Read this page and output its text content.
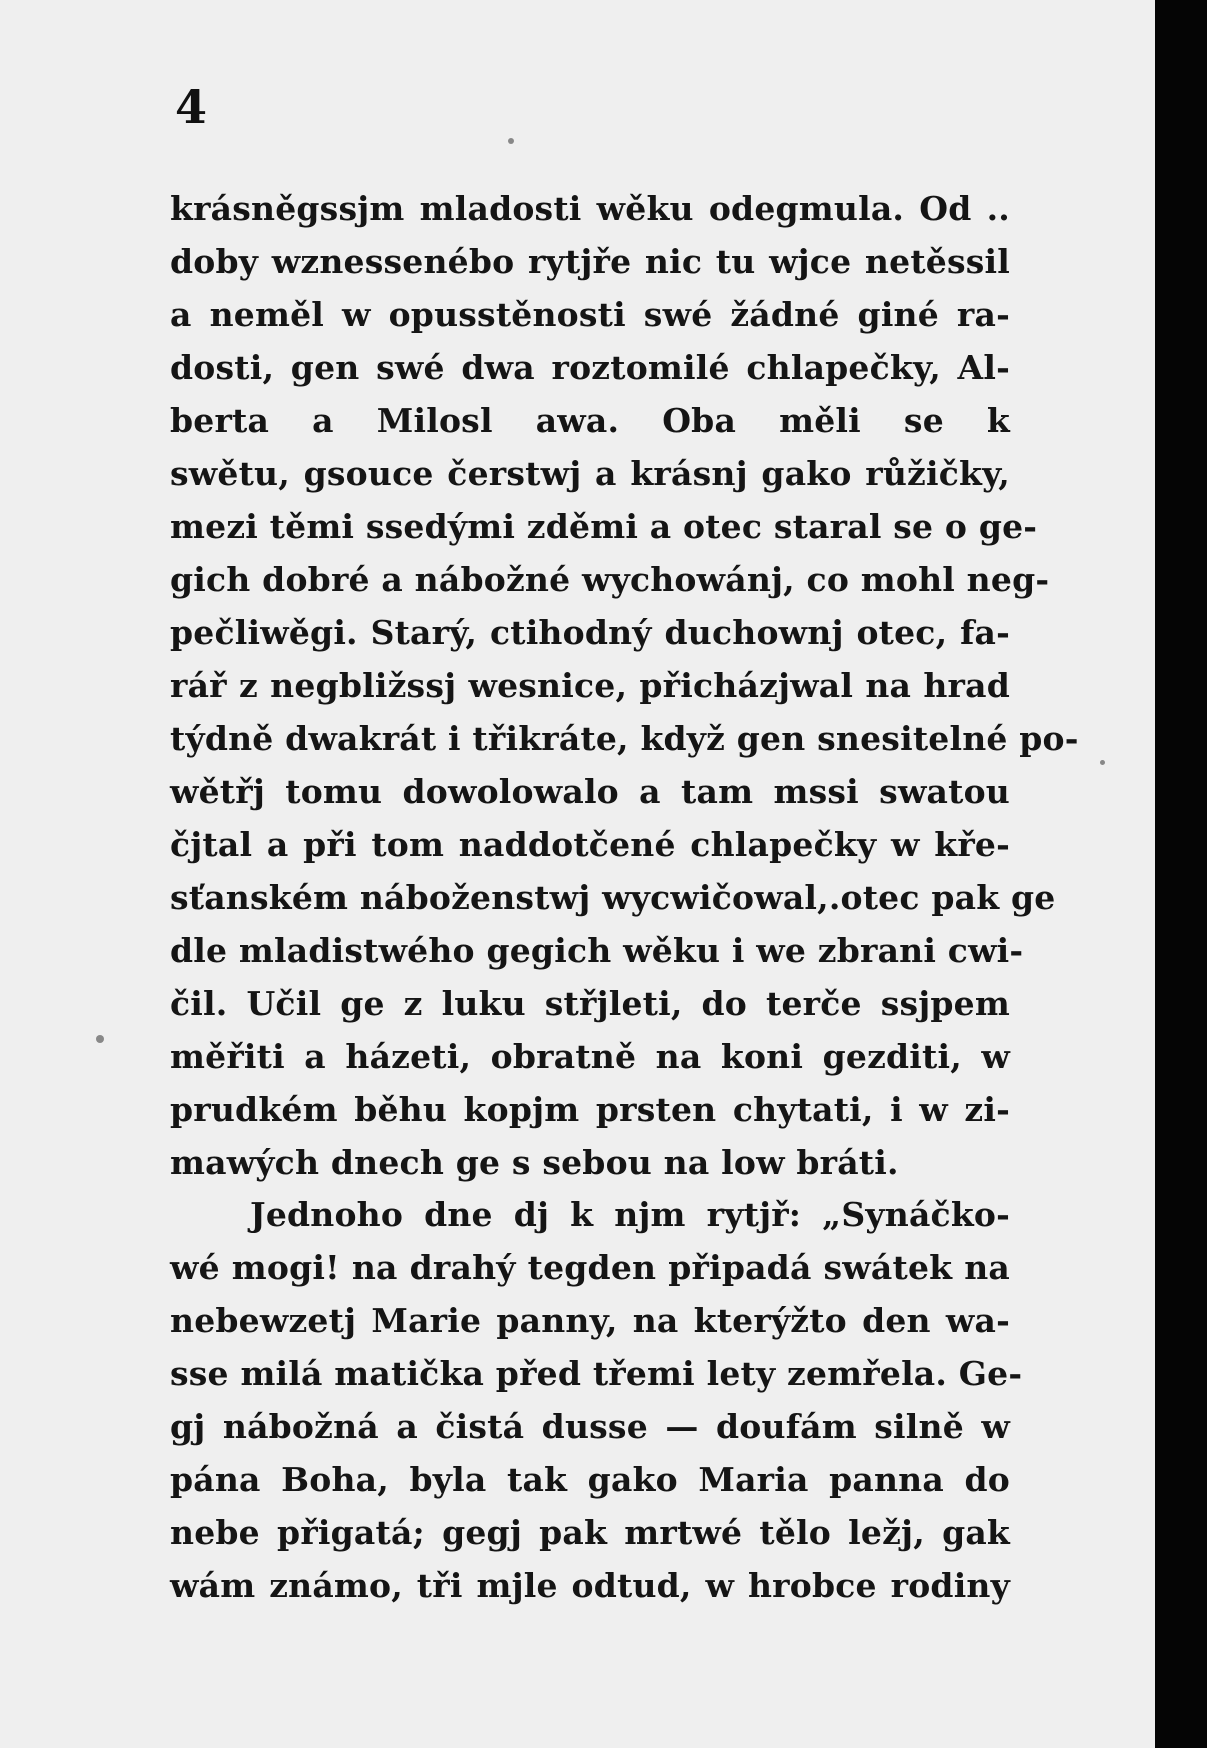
4
krásněgssjm mladosti wěku odegmula. Od ..
doby wznessenébo rytjře nic tu wjce netěssil
a neměl w opusstěnosti swé žádné giné ra-
dosti, gen swé dwa roztomilé chlapečky, Al-
berta a Milosl awa. Oba měli se k
swětu, gsouce čerstwj a krásnj gako růžičky,
mezi těmi ssedými zděmi a otec staral se o ge-
gich dobré a nábožné wychowánj, co mohl neg-
pečliwěgi. Starý, ctihodný duchownj otec, fa-
rář z negbližssj wesnice, přicházjwal na hrad
týdně dwakrát i třikráte, když gen snesitelné po-
wětřj tomu dowolowalo a tam mssi swatou
čjtal a při tom naddotčené chlapečky w kře-
sťanském náboženstwj wycwičowal,.otec pak ge
dle mladistwého gegich wěku i we zbrani cwi-
čil. Učil ge z luku střjleti, do terče ssjpem
měřiti a házeti, obratně na koni gezditi, w
prudkém běhu kopjm prsten chytati, i w zi-
mawých dnech ge s sebou na low bráti.
Jednoho dne dj k njm rytjř: „Synáčko-
wé mogi! na drahý tegden připadá swátek na
nebewzetj Marie panny, na kterýžto den wa-
sse milá matička před třemi lety zemřela. Ge-
gj nábožná a čistá dusse — doufám silně w
pána Boha, byla tak gako Maria panna do
nebe přigatá; gegj pak mrtwé tělo ležj, gak
wám známo, tři mjle odtud, w hrobce rodiny
